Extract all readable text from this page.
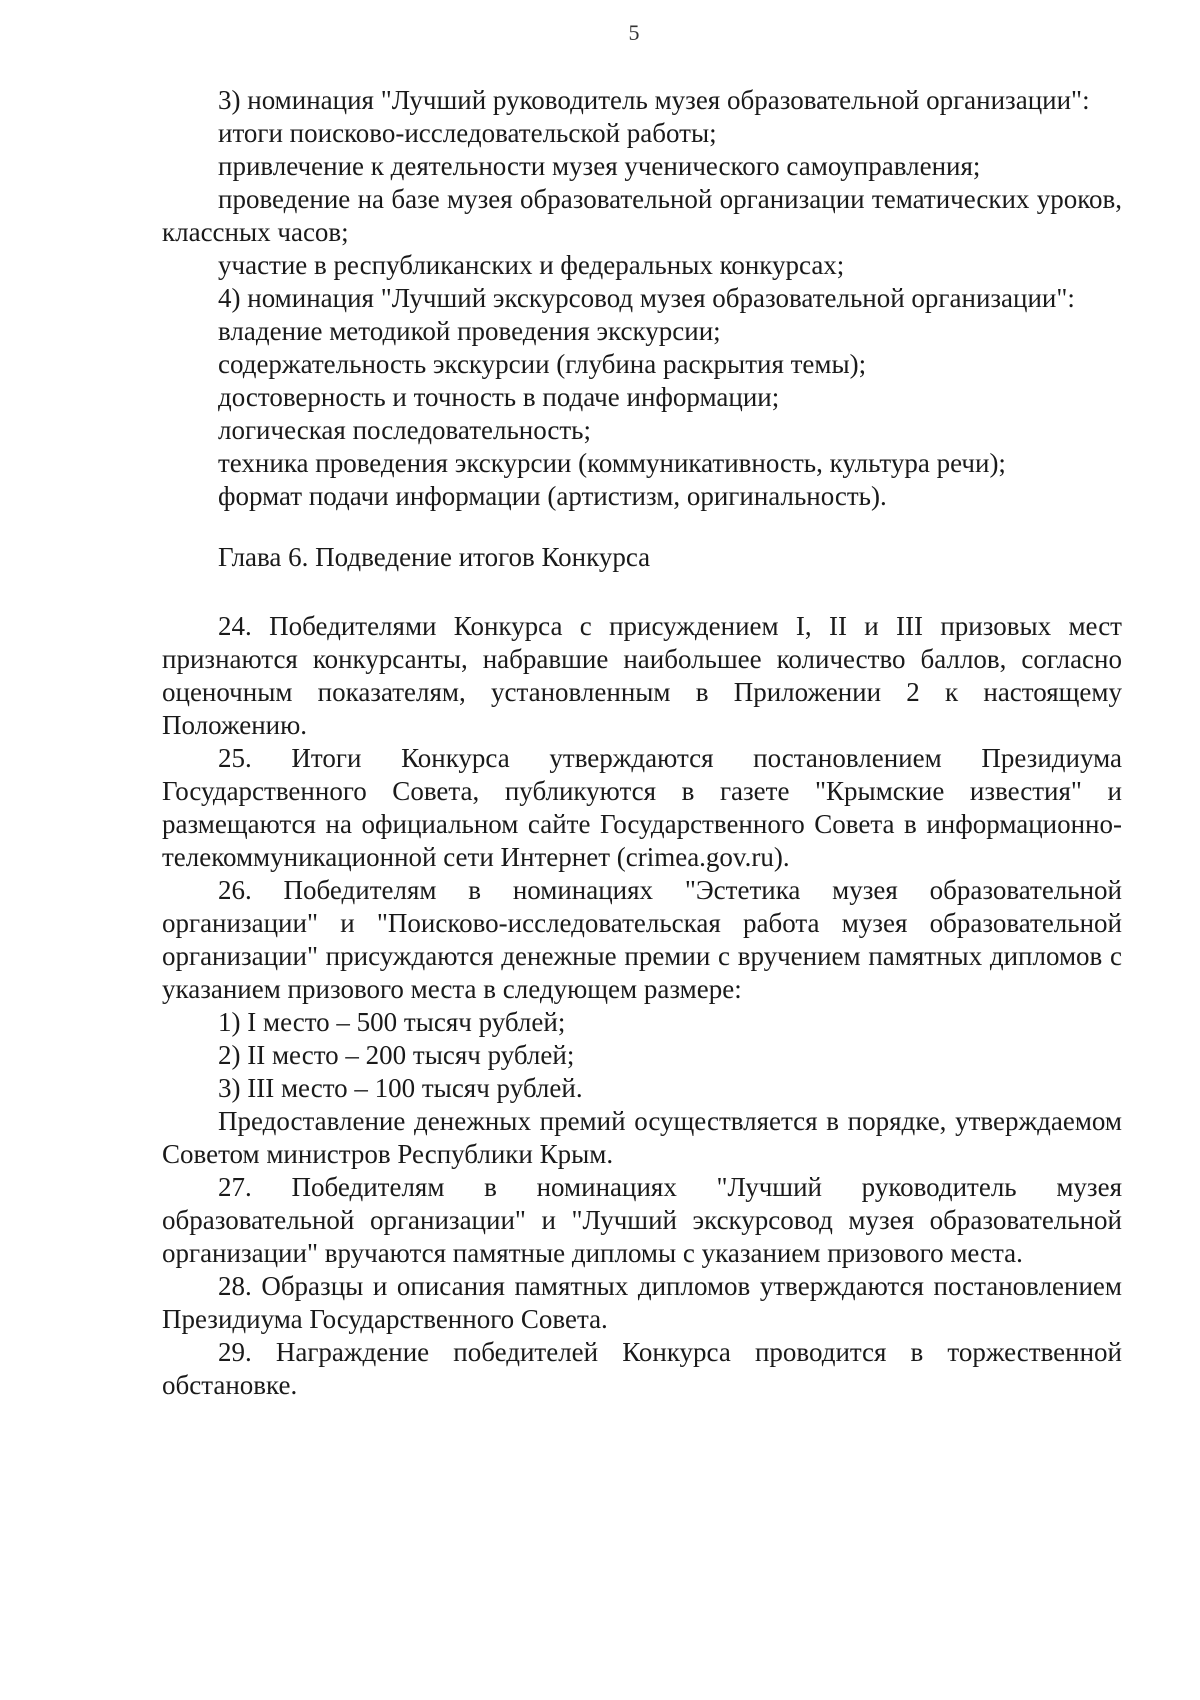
5

3) номинация "Лучший руководитель музея образовательной организации":

итоги поисково-исследовательской работы;

привлечение к деятельности музея ученического самоуправления;

проведение на базе музея образовательной организации тематических уроков, классных часов;

участие в республиканских и федеральных конкурсах;

4) номинация "Лучший экскурсовод музея образовательной организации":

владение методикой проведения экскурсии;

содержательность экскурсии (глубина раскрытия темы);

достоверность и точность в подаче информации;

логическая последовательность;

техника проведения экскурсии (коммуникативность, культура речи);

формат подачи информации (артистизм, оригинальность).

Глава 6. Подведение итогов Конкурса

24. Победителями Конкурса с присуждением I, II и III призовых мест признаются конкурсанты, набравшие наибольшее количество баллов, согласно оценочным показателям, установленным в Приложении 2 к настоящему Положению.

25. Итоги Конкурса утверждаются постановлением Президиума Государственного Совета, публикуются в газете "Крымские известия" и размещаются на официальном сайте Государственного Совета в информационно-телекоммуникационной сети Интернет (crimea.gov.ru).

26. Победителям в номинациях "Эстетика музея образовательной организации" и "Поисково-исследовательская работа музея образовательной организации" присуждаются денежные премии с вручением памятных дипломов с указанием призового места в следующем размере:

1) I место – 500 тысяч рублей;

2) II место – 200 тысяч рублей;

3) III место – 100 тысяч рублей.

Предоставление денежных премий осуществляется в порядке, утверждаемом Советом министров Республики Крым.

27. Победителям в номинациях "Лучший руководитель музея образовательной организации" и "Лучший экскурсовод музея образовательной организации" вручаются памятные дипломы с указанием призового места.

28. Образцы и описания памятных дипломов утверждаются постановлением Президиума Государственного Совета.

29. Награждение победителей Конкурса проводится в торжественной обстановке.
